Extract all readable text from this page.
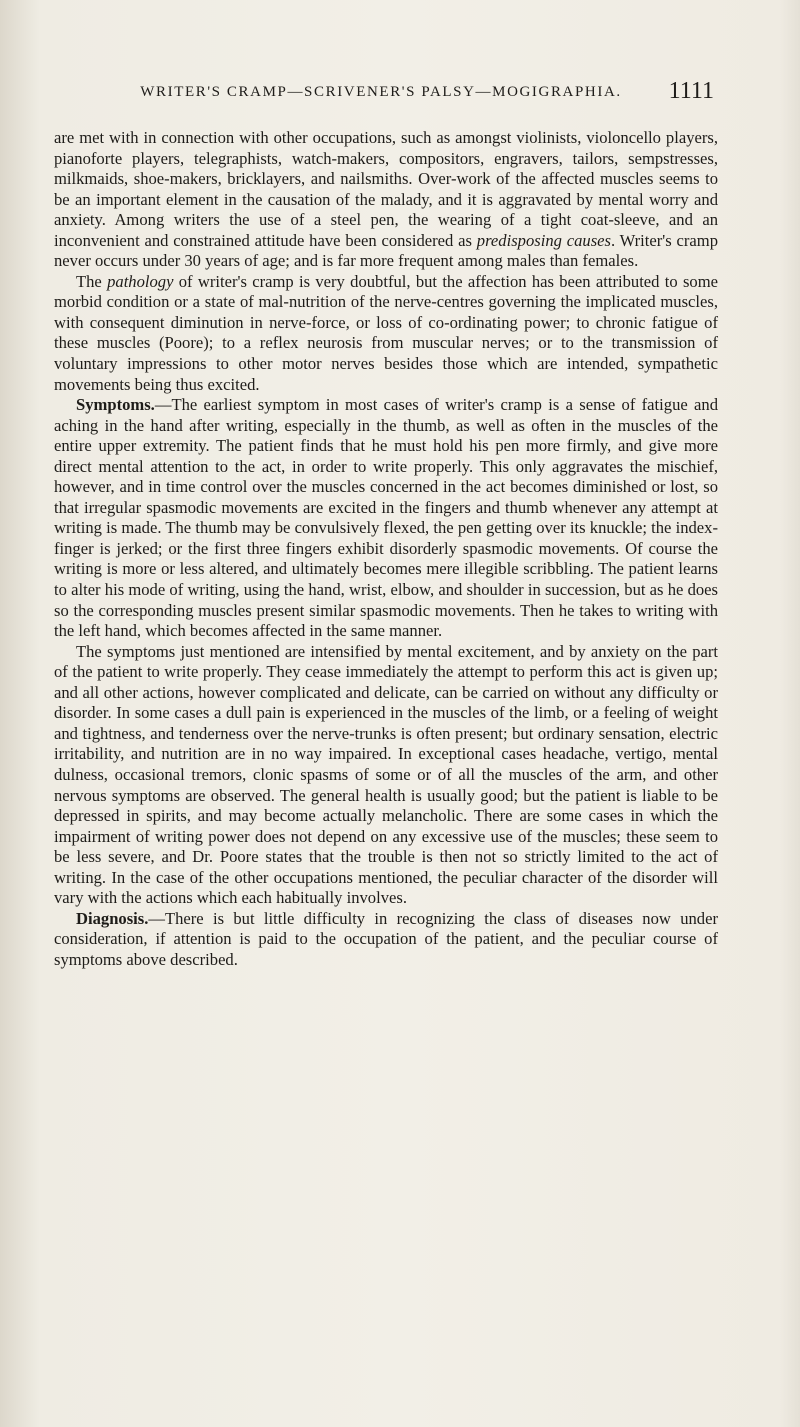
WRITER'S CRAMP—SCRIVENER'S PALSY—MOGIGRAPHIA.	1111

are met with in connection with other occupations, such as amongst violinists, violoncello players, pianoforte players, telegraphists, watch-makers, compositors, engravers, tailors, sempstresses, milkmaids, shoe-makers, bricklayers, and nailsmiths. Over-work of the affected muscles seems to be an important element in the causation of the malady, and it is aggravated by mental worry and anxiety. Among writers the use of a steel pen, the wearing of a tight coat-sleeve, and an inconvenient and constrained attitude have been considered as predisposing causes. Writer's cramp never occurs under 30 years of age; and is far more frequent among males than females.

The pathology of writer's cramp is very doubtful, but the affection has been attributed to some morbid condition or a state of mal-nutrition of the nerve-centres governing the implicated muscles, with consequent diminution in nerve-force, or loss of co-ordinating power; to chronic fatigue of these muscles (Poore); to a reflex neurosis from muscular nerves; or to the transmission of voluntary impressions to other motor nerves besides those which are intended, sympathetic movements being thus excited.

Symptoms.—The earliest symptom in most cases of writer's cramp is a sense of fatigue and aching in the hand after writing, especially in the thumb, as well as often in the muscles of the entire upper extremity. The patient finds that he must hold his pen more firmly, and give more direct mental attention to the act, in order to write properly. This only aggravates the mischief, however, and in time control over the muscles concerned in the act becomes diminished or lost, so that irregular spasmodic movements are excited in the fingers and thumb whenever any attempt at writing is made. The thumb may be convulsively flexed, the pen getting over its knuckle; the index-finger is jerked; or the first three fingers exhibit disorderly spasmodic movements. Of course the writing is more or less altered, and ultimately becomes mere illegible scribbling. The patient learns to alter his mode of writing, using the hand, wrist, elbow, and shoulder in succession, but as he does so the corresponding muscles present similar spasmodic movements. Then he takes to writing with the left hand, which becomes affected in the same manner.

The symptoms just mentioned are intensified by mental excitement, and by anxiety on the part of the patient to write properly. They cease immediately the attempt to perform this act is given up; and all other actions, however complicated and delicate, can be carried on without any difficulty or disorder. In some cases a dull pain is experienced in the muscles of the limb, or a feeling of weight and tightness, and tenderness over the nerve-trunks is often present; but ordinary sensation, electric irritability, and nutrition are in no way impaired. In exceptional cases headache, vertigo, mental dulness, occasional tremors, clonic spasms of some or of all the muscles of the arm, and other nervous symptoms are observed. The general health is usually good; but the patient is liable to be depressed in spirits, and may become actually melancholic. There are some cases in which the impairment of writing power does not depend on any excessive use of the muscles; these seem to be less severe, and Dr. Poore states that the trouble is then not so strictly limited to the act of writing. In the case of the other occupations mentioned, the peculiar character of the disorder will vary with the actions which each habitually involves.

Diagnosis.—There is but little difficulty in recognizing the class of diseases now under consideration, if attention is paid to the occupation of the patient, and the peculiar course of symptoms above described.
